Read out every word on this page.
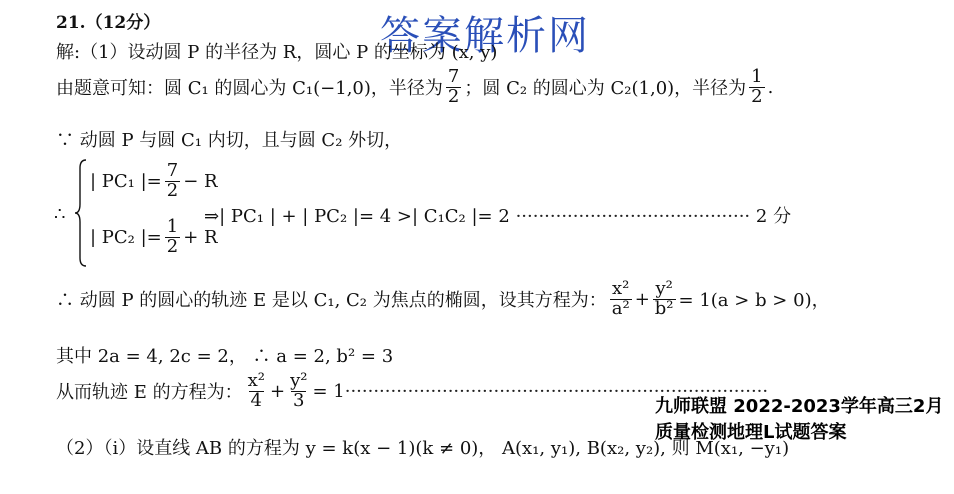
21.（12分）	答案解析网
解:（1）设动圆 P 的半径为 R，圆心 P 的坐标为 (x, y)
由题意可知：圆 C₁ 的圆心为 C₁(−1,0)，半径为 $\frac{7}{2}$ ；圆 C₂ 的圆心为 C₂(1,0)，半径为 $\frac{1}{2}$ .
∵ 动圆 P 与圆 C₁ 内切，且与圆 C₂ 外切，
∴
| PC₁ |= $\frac{7}{2} - R$
| PC₂ |= $\frac{1}{2} + R$
⇒| PC₁ | + | PC₂ |= 4 >| C₁C₂ |= 2 ········································· 2 分
∴ 动圆 P 的圆心的轨迹 E 是以 C₁, C₂ 为焦点的椭圆，设其方程为： $\frac{\text{x²}}{\text{a²}} + \frac{\text{y²}}{\text{b²}} = 1(a > b > 0)$，
其中 2a = 4, 2c = 2， ∴ a = 2, b² = 3
从而轨迹 E 的方程为： $\frac{\text{x²}}{4} + \frac{\text{y²}}{3} = 1$ ··········································································
（2）（i）设直线 AB 的方程为 y = k(x − 1)(k ≠ 0)， A(x₁, y₁), B(x₂, y₂), 则 M(x₁, −y₁)
九师联盟 2022-2023学年高三2月质量检测地理L试题答案
